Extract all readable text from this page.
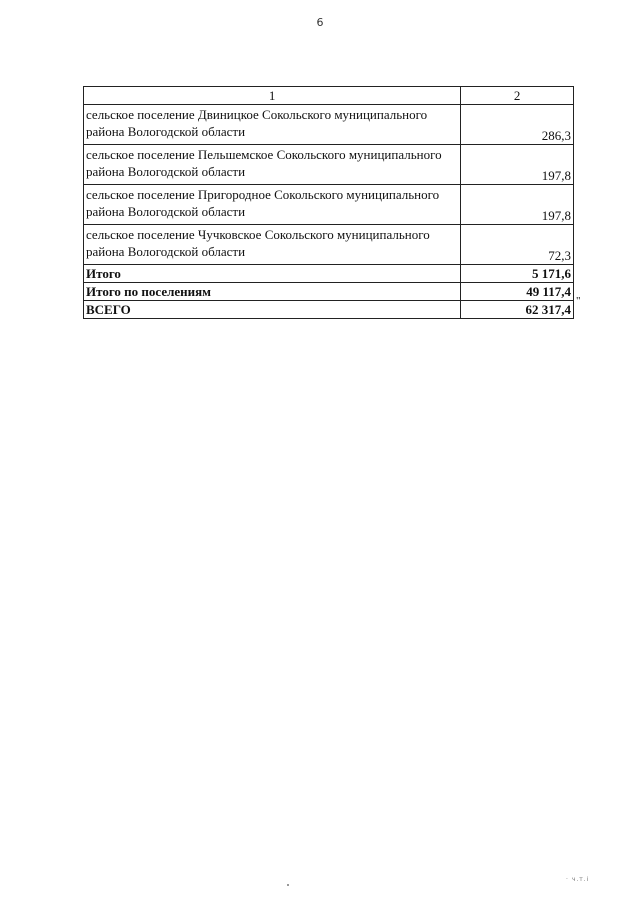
6
1	2
сельское поселение Двиницкое Сокольского муниципального района Вологодской области	286,3
сельское поселение Пельшемское Сокольского муниципального района Вологодской области	197,8
сельское поселение Пригородное Сокольского муниципального района Вологодской области	197,8
сельское поселение Чучковское Сокольского муниципального района Вологодской области	72,3
Итого	5 171,6
Итого по поселениям	49 117,4
ВСЕГО	62 317,4
"
· ч.т.і
